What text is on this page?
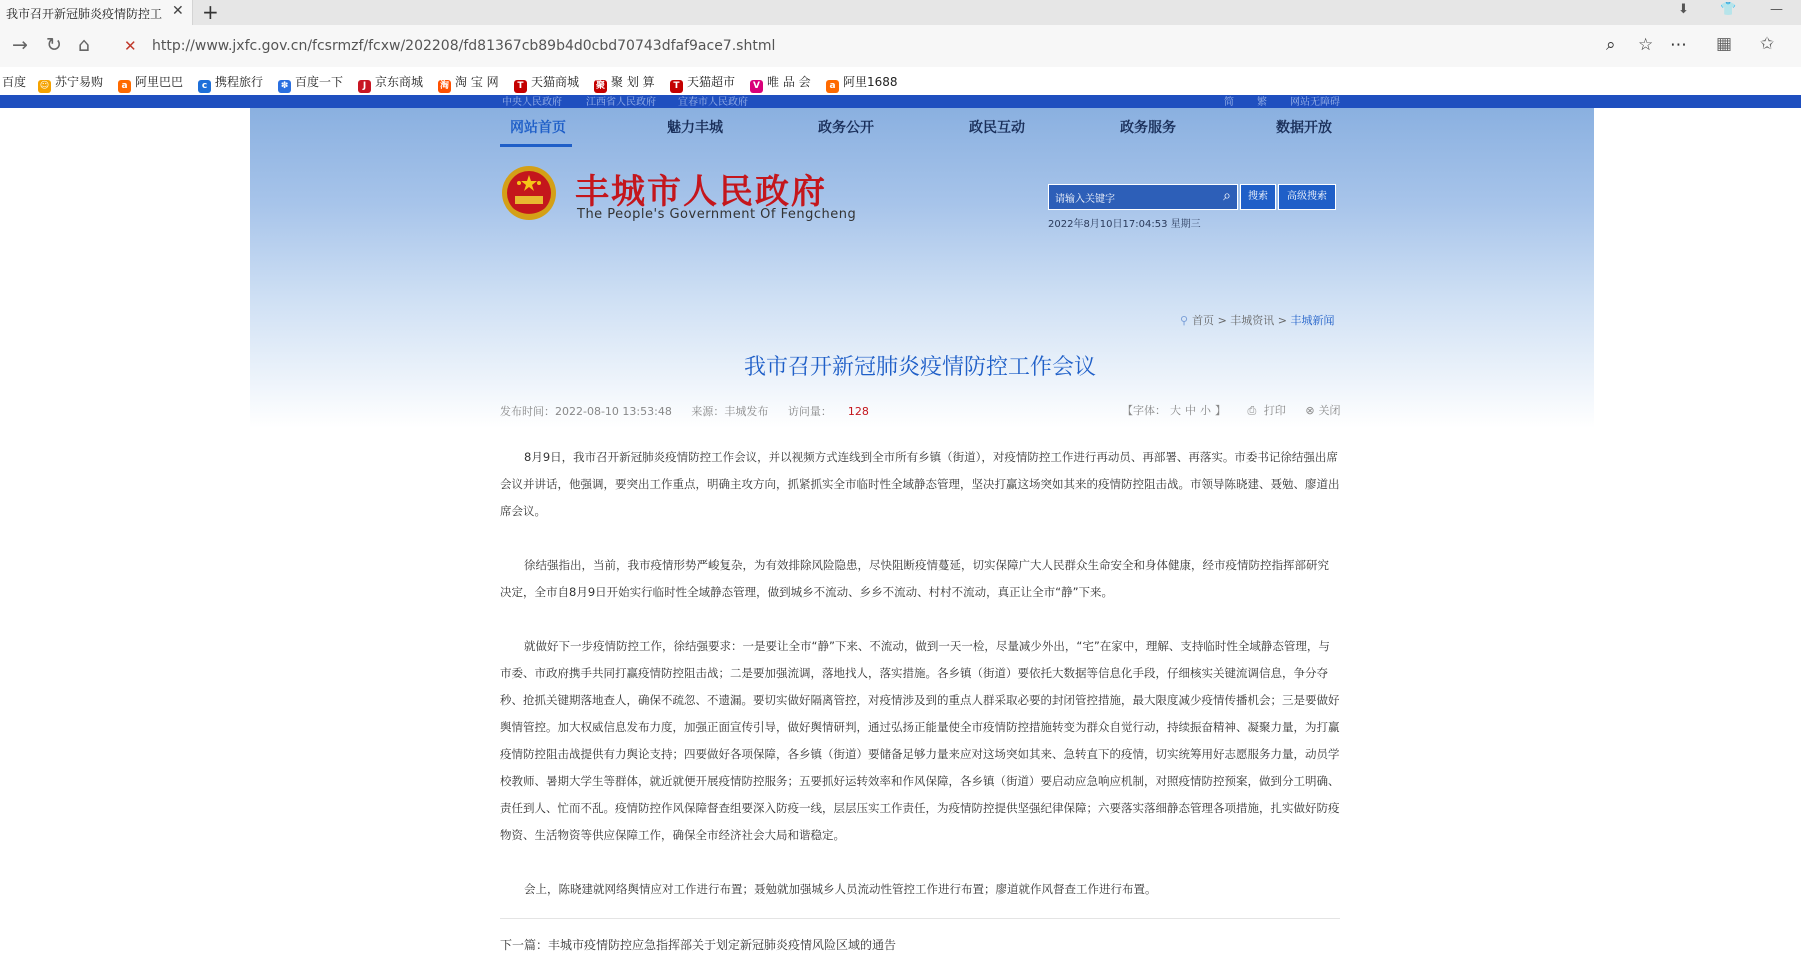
我市召开新冠肺炎疫情防控工 ✕ +	⬇ 👕	—
→ ↻ ⌂ ✕ http://www.jxfc.gov.cn/fcsrmzf/fcxw/202208/fd81367cb89b4d0cbd70743dfaf9ace7.shtml	⌕ ☆ ⋯ ▦ ✩
百度 ☺ 苏宁易购	a 阿里巴巴	c 携程旅行	✽ 百度一下	J 京东商城 淘 淘 宝 网	T 天猫商城 聚 聚 划 算	T 天猫超市	V 唯 品 会	a 阿里1688
中央人民政府 江西省人民政府 宜春市人民政府	简 繁 网站无障碍
网站首页	魅力丰城	政务公开	政民互动	政务服务	数据开放
丰城市人民政府
The People's Government Of Fengcheng
请输入关键字	⌕	搜索	高级搜索
2022年8月10日17:04:53 星期三
⚲ 首页 > 丰城资讯 > 丰城新闻
我市召开新冠肺炎疫情防控工作会议
发布时间：2022-08-10 13:53:48 来源：丰城发布 访问量： 128	【字体： 大 中 小 】 ⎙ 打印 ⊗ 关闭

8月9日，我市召开新冠肺炎疫情防控工作会议，并以视频方式连线到全市所有乡镇（街道），对疫情防控工作进行再动员、再部署、再落实。市委书记徐结强出席会议并讲话，他强调，要突出工作重点，明确主攻方向，抓紧抓实全市临时性全域静态管理，坚决打赢这场突如其来的疫情防控阻击战。市领导陈晓建、聂勉、廖道出席会议。

徐结强指出，当前，我市疫情形势严峻复杂，为有效排除风险隐患，尽快阻断疫情蔓延，切实保障广大人民群众生命安全和身体健康，经市疫情防控指挥部研究决定，全市自8月9日开始实行临时性全域静态管理，做到城乡不流动、乡乡不流动、村村不流动，真正让全市“静”下来。

就做好下一步疫情防控工作，徐结强要求：一是要让全市“静”下来、不流动，做到一天一检，尽量减少外出，“宅”在家中，理解、支持临时性全域静态管理，与市委、市政府携手共同打赢疫情防控阻击战；二是要加强流调，落地找人，落实措施。各乡镇（街道）要依托大数据等信息化手段，仔细核实关键流调信息，争分夺秒、抢抓关键期落地查人，确保不疏忽、不遗漏。要切实做好隔离管控，对疫情涉及到的重点人群采取必要的封闭管控措施，最大限度减少疫情传播机会；三是要做好舆情管控。加大权威信息发布力度，加强正面宣传引导，做好舆情研判，通过弘扬正能量使全市疫情防控措施转变为群众自觉行动，持续振奋精神、凝聚力量，为打赢疫情防控阻击战提供有力舆论支持；四要做好各项保障，各乡镇（街道）要储备足够力量来应对这场突如其来、急转直下的疫情，切实统筹用好志愿服务力量，动员学校教师、暑期大学生等群体，就近就便开展疫情防控服务；五要抓好运转效率和作风保障，各乡镇（街道）要启动应急响应机制，对照疫情防控预案，做到分工明确、责任到人、忙而不乱。疫情防控作风保障督查组要深入防疫一线，层层压实工作责任，为疫情防控提供坚强纪律保障；六要落实落细静态管理各项措施，扎实做好防疫物资、生活物资等供应保障工作，确保全市经济社会大局和谐稳定。

会上，陈晓建就网络舆情应对工作进行布置；聂勉就加强城乡人员流动性管控工作进行布置；廖道就作风督查工作进行布置。

下一篇：丰城市疫情防控应急指挥部关于划定新冠肺炎疫情风险区域的通告
